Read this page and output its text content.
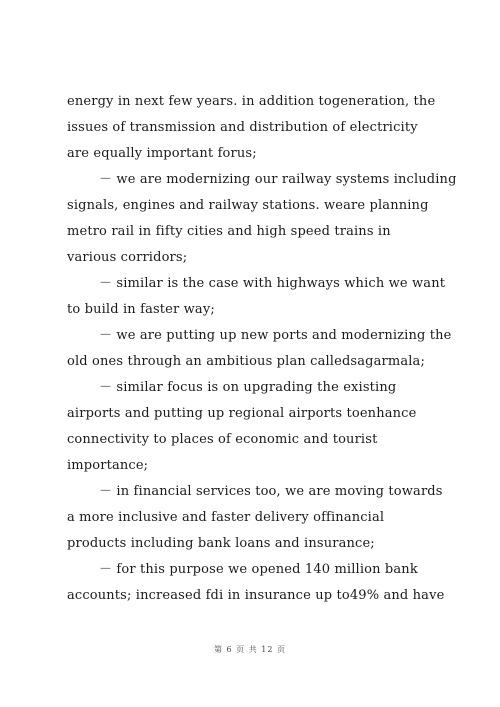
energy in next few years. in addition togeneration, the
issues of transmission and distribution of electricity
are equally important forus;
－ we are modernizing our railway systems including
signals, engines and railway stations. weare planning
metro rail in fifty cities and high speed trains in
various corridors;
－ similar is the case with highways which we want
to build in faster way;
－ we are putting up new ports and modernizing the
old ones through an ambitious plan calledsagarmala;
－ similar focus is on upgrading the existing
airports and putting up regional airports toenhance
connectivity to places of economic and tourist
importance;
－ in financial services too, we are moving towards
a more inclusive and faster delivery offinancial
products including bank loans and insurance;
－ for this purpose we opened 140 million bank
accounts; increased fdi in insurance up to49% and have
第 6 页 共 12 页
